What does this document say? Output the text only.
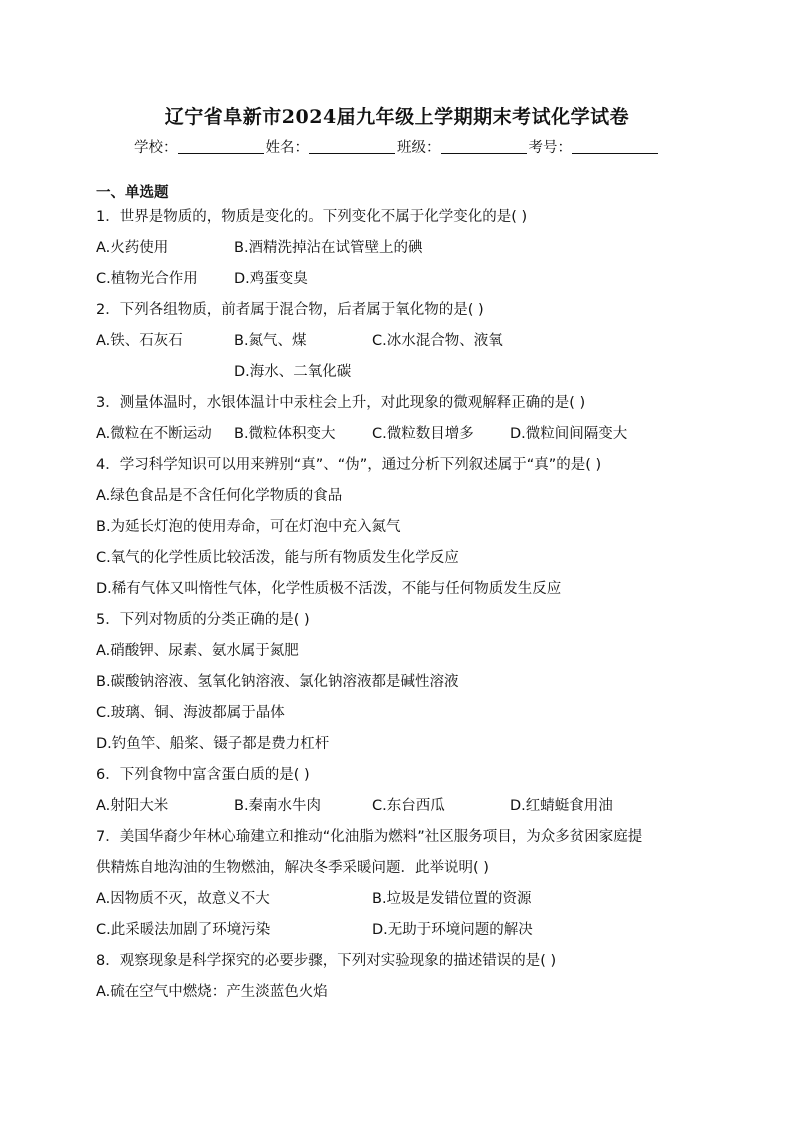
辽宁省阜新市2024届九年级上学期期末考试化学试卷
学校：	姓名：	班级：	考号：
一、单选题
1．世界是物质的，物质是变化的。下列变化不属于化学变化的是( )
A.火药使用	B.酒精洗掉沾在试管壁上的碘
C.植物光合作用	D.鸡蛋变臭
2．下列各组物质，前者属于混合物，后者属于氧化物的是( )
A.铁、石灰石	B.氮气、煤	C.冰水混合物、液氧
D.海水、二氧化碳
3．测量体温时，水银体温计中汞柱会上升，对此现象的微观解释正确的是( )
A.微粒在不断运动 B.微粒体积变大	C.微粒数目增多	D.微粒间间隔变大
4．学习科学知识可以用来辨别“真”、“伪”，通过分析下列叙述属于“真”的是( )
A.绿色食品是不含任何化学物质的食品
B.为延长灯泡的使用寿命，可在灯泡中充入氮气
C.氧气的化学性质比较活泼，能与所有物质发生化学反应
D.稀有气体又叫惰性气体，化学性质极不活泼，不能与任何物质发生反应
5．下列对物质的分类正确的是( )
A.硝酸钾、尿素、氨水属于氮肥
B.碳酸钠溶液、氢氧化钠溶液、氯化钠溶液都是碱性溶液
C.玻璃、铜、海波都属于晶体
D.钓鱼竿、船桨、镊子都是费力杠杆
6．下列食物中富含蛋白质的是( )
A.射阳大米	B.秦南水牛肉	C.东台西瓜	D.红蜻蜓食用油
7．美国华裔少年林心瑜建立和推动“化油脂为燃料”社区服务项目，为众多贫困家庭提
供精炼自地沟油的生物燃油，解决冬季采暖问题．此举说明( )
A.因物质不灭，故意义不大	B.垃圾是发错位置的资源
C.此采暖法加剧了环境污染	D.无助于环境问题的解决
8．观察现象是科学探究的必要步骤，下列对实验现象的描述错误的是( )
A.硫在空气中燃烧：产生淡蓝色火焰
